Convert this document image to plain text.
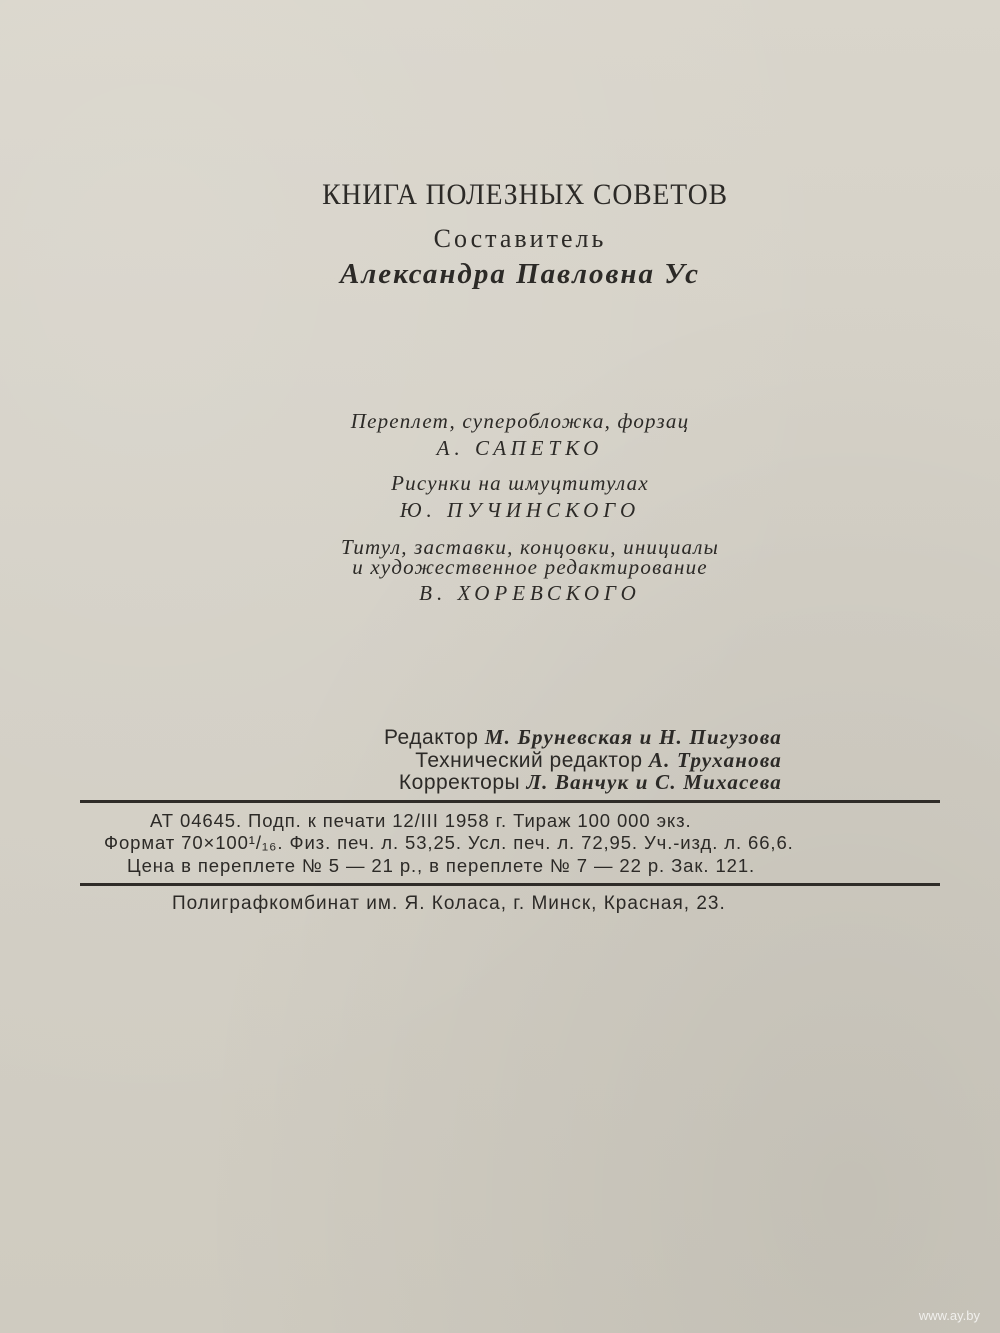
КНИГА ПОЛЕЗНЫХ СОВЕТОВ
Составитель
Александра Павловна Ус
Переплет, суперобложка, форзац
А. САПЕТКО
Рисунки на шмуцтитулах
Ю. ПУЧИНСКОГО
Титул, заставки, концовки, инициалы
и художественное редактирование
В. ХОРЕВСКОГО
Редактор М. Бруневская и Н. Пигузова
Технический редактор А. Труханова
Корректоры Л. Ванчук и С. Михасева
АТ 04645. Подп. к печати 12/III 1958 г. Тираж 100 000 экз.
Формат 70×100¹/₁₆. Физ. печ. л. 53,25. Усл. печ. л. 72,95. Уч.-изд. л. 66,6.
Цена в переплете № 5 — 21 р., в переплете № 7 — 22 р. Зак. 121.
Полиграфкомбинат им. Я. Коласа, г. Минск, Красная, 23.
www.ay.by
